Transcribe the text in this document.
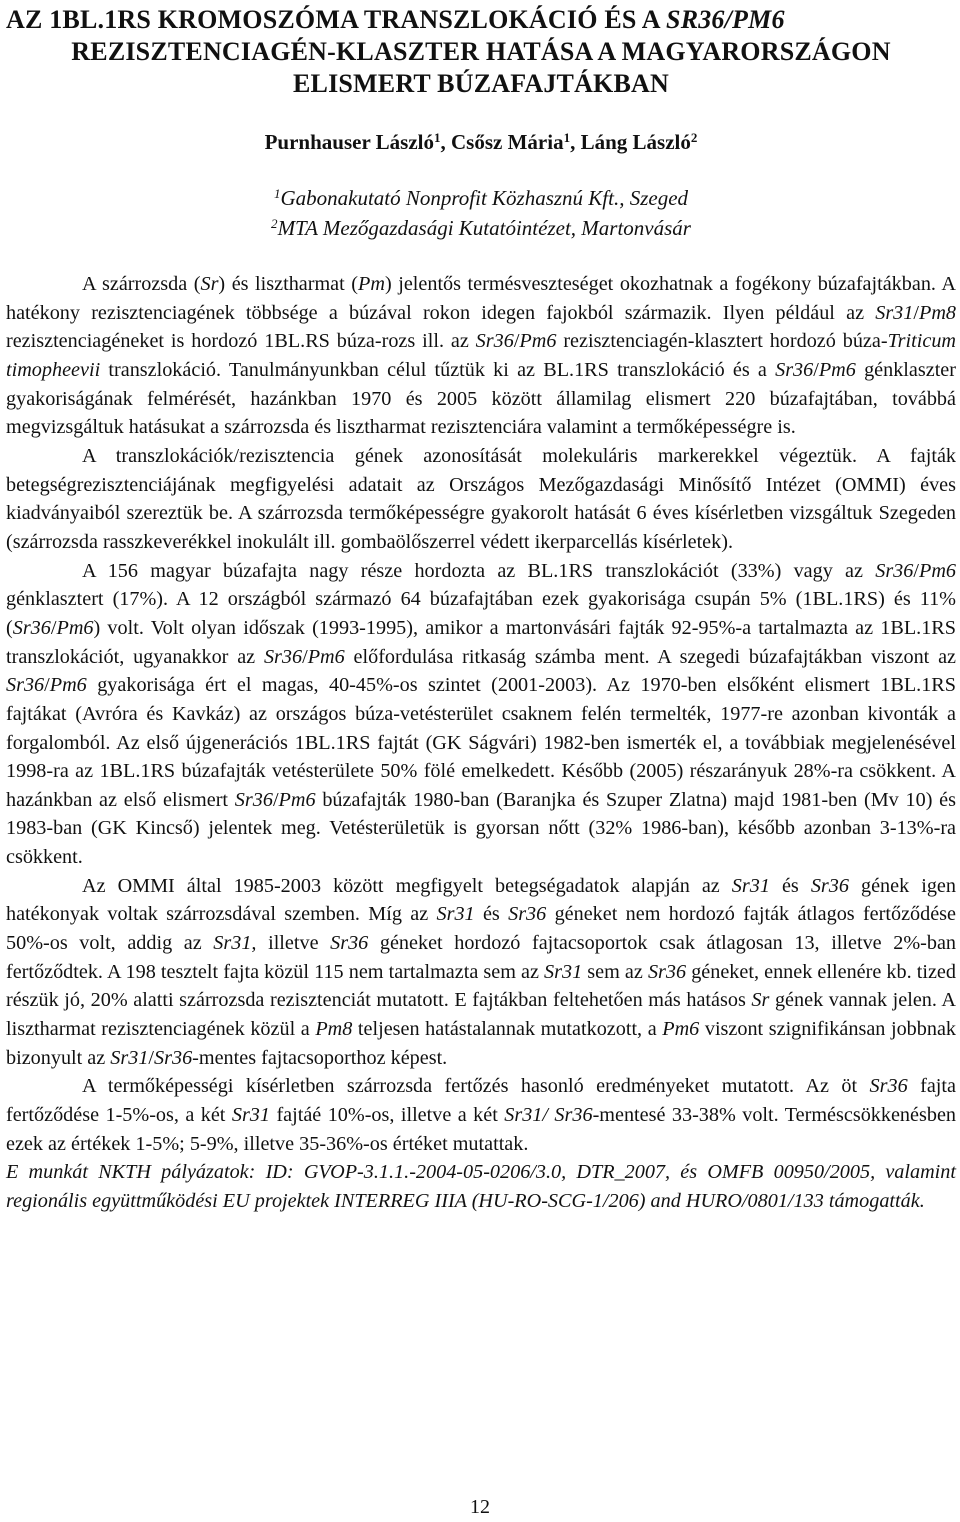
AZ 1BL.1RS KROMOSZÓMA TRANSZLOKÁCIÓ ÉS A SR36/PM6
REZISZTENCIAGÉN-KLASZTER HATÁSA A MAGYARORSZÁGON
ELISMERT BÚZAFAJTÁKBAN
Purnhauser László$^1$, Csősz Mária$^1$, Láng László$^2$
$^1$Gabonakutató Nonprofit Közhasznú Kft., Szeged
$^2$MTA Mezőgazdasági Kutatóintézet, Martonvásár

A szárrozsda (Sr) és lisztharmat (Pm) jelentős termésveszteséget okozhatnak a fogékony búzafajtákban. A hatékony rezisztenciagének többsége a búzával rokon idegen fajokból származik. Ilyen például az Sr31/Pm8 rezisztenciagéneket is hordozó 1BL.RS búza-rozs ill. az Sr36/Pm6 rezisztenciagén-klasztert hordozó búza-Triticum timopheevii transzlokáció. Tanulmányunkban célul tűztük ki az BL.1RS transzlokáció és a Sr36/Pm6 génklaszter gyakoriságának felmérését, hazánkban 1970 és 2005 között államilag elismert 220 búzafajtában, továbbá megvizsgáltuk hatásukat a szárrozsda és lisztharmat rezisztenciára valamint a termőképességre is.

A transzlokációk/rezisztencia gének azonosítását molekuláris markerekkel végeztük. A fajták betegségrezisztenciájának megfigyelési adatait az Országos Mezőgazdasági Minősítő Intézet (OMMI) éves kiadványaiból szereztük be. A szárrozsda termőképességre gyakorolt hatását 6 éves kísérletben vizsgáltuk Szegeden (szárrozsda rasszkeverékkel inokulált ill. gombaölőszerrel védett ikerparcellás kísérletek).

A 156 magyar búzafajta nagy része hordozta az BL.1RS transzlokációt (33%) vagy az Sr36/Pm6 génklasztert (17%). A 12 országból származó 64 búzafajtában ezek gyakorisága csupán 5% (1BL.1RS) és 11% (Sr36/Pm6) volt. Volt olyan időszak (1993-1995), amikor a martonvásári fajták 92-95%-a tartalmazta az 1BL.1RS transzlokációt, ugyanakkor az Sr36/Pm6 előfordulása ritkaság számba ment. A szegedi búzafajtákban viszont az Sr36/Pm6 gyakorisága ért el magas, 40-45%-os szintet (2001-2003). Az 1970-ben elsőként elismert 1BL.1RS fajtákat (Avróra és Kavkáz) az országos búza-vetésterület csaknem felén termelték, 1977-re azonban kivonták a forgalomból. Az első újgenerációs 1BL.1RS fajtát (GK Ságvári) 1982-ben ismerték el, a továbbiak megjelenésével 1998-ra az 1BL.1RS búzafajták vetésterülete 50% fölé emelkedett. Később (2005) részarányuk 28%-ra csökkent. A hazánkban az első elismert Sr36/Pm6 búzafajták 1980-ban (Baranjka és Szuper Zlatna) majd 1981-ben (Mv 10) és 1983-ban (GK Kincső) jelentek meg. Vetésterületük is gyorsan nőtt (32% 1986-ban), később azonban 3-13%-ra csökkent.

Az OMMI által 1985-2003 között megfigyelt betegségadatok alapján az Sr31 és Sr36 gének igen hatékonyak voltak szárrozsdával szemben. Míg az Sr31 és Sr36 géneket nem hordozó fajták átlagos fertőződése 50%-os volt, addig az Sr31, illetve Sr36 géneket hordozó fajtacsoportok csak átlagosan 13, illetve 2%-ban fertőződtek. A 198 tesztelt fajta közül 115 nem tartalmazta sem az Sr31 sem az Sr36 géneket, ennek ellenére kb. tized részük jó, 20% alatti szárrozsda rezisztenciát mutatott. E fajtákban feltehetően más hatásos Sr gének vannak jelen. A lisztharmat rezisztenciagének közül a Pm8 teljesen hatástalannak mutatkozott, a Pm6 viszont szignifikánsan jobbnak bizonyult az Sr31/Sr36-mentes fajtacsoporthoz képest.

A termőképességi kísérletben szárrozsda fertőzés hasonló eredményeket mutatott. Az öt Sr36 fajta fertőződése 1-5%-os, a két Sr31 fajtáé 10%-os, illetve a két Sr31/ Sr36-mentesé 33-38% volt. Terméscsökkenésben ezek az értékek 1-5%; 5-9%, illetve 35-36%-os értéket mutattak.

E munkát NKTH pályázatok: ID: GVOP-3.1.1.-2004-05-0206/3.0, DTR_2007, és OMFB 00950/2005, valamint regionális együttműködési EU projektek INTERREG IIIA (HU-RO-SCG-1/206) and HURO/0801/133 támogatták.

12
